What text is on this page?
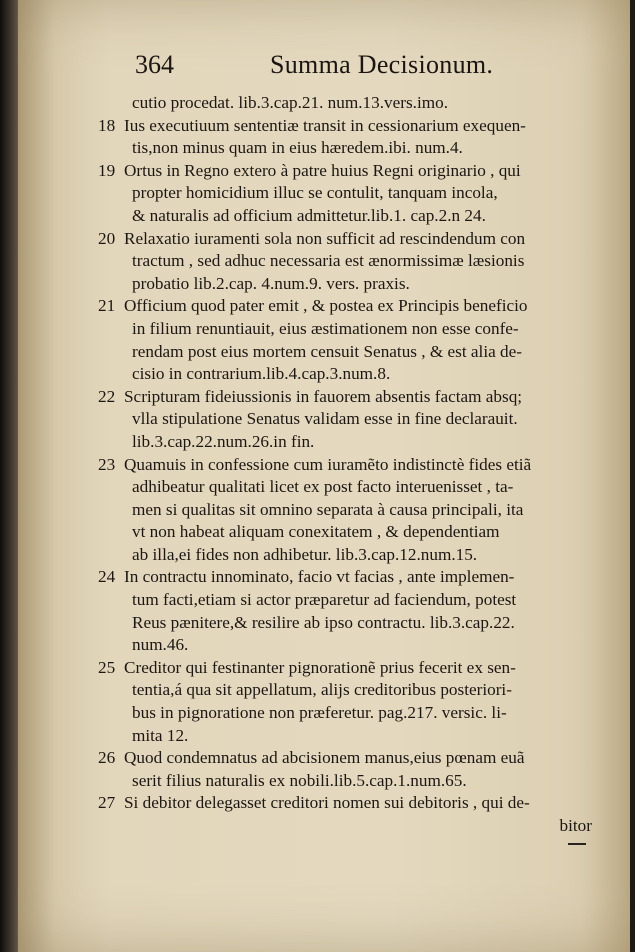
364	Summa Decisionum.
cutio procedat. lib.3.cap.21. num.13.vers.imo.
18 Ius executiuum sententiæ transit in cessionarium exequen-
tis,non minus quam in eius hæredem.ibi. num.4.
19 Ortus in Regno extero à patre huius Regni originario , qui
propter homicidium illuc se contulit, tanquam incola,
& naturalis ad officium admittetur.lib.1. cap.2.n 24.
20 Relaxatio iuramenti sola non sufficit ad rescindendum con
tractum , sed adhuc necessaria est ænormissimæ læsionis
probatio lib.2.cap. 4.num.9. vers. praxis.
21 Officium quod pater emit , & postea ex Principis beneficio
in filium renuntiauit, eius æstimationem non esse confe-
rendam post eius mortem censuit Senatus , & est alia de-
cisio in contrarium.lib.4.cap.3.num.8.
22 Scripturam fideiussionis in fauorem absentis factam absq;
vlla stipulatione Senatus validam esse in fine declarauit.
lib.3.cap.22.num.26.in fin.
23 Quamuis in confessione cum iuramẽto indistinctè fides etiã
adhibeatur qualitati licet ex post facto interuenisset , ta-
men si qualitas sit omnino separata à causa principali, ita
vt non habeat aliquam conexitatem , & dependentiam
ab illa,ei fides non adhibetur. lib.3.cap.12.num.15.
24 In contractu innominato, facio vt facias , ante implemen-
tum facti,etiam si actor præparetur ad faciendum, potest
Reus pænitere,& resilire ab ipso contractu. lib.3.cap.22.
num.46.
25 Creditor qui festinanter pignorationẽ prius fecerit ex sen-
tentia,á qua sit appellatum, alijs creditoribus posteriori-
bus in pignoratione non præferetur. pag.217. versic. li-
mita 12.
26 Quod condemnatus ad abcisionem manus,eius pœnam euã
serit filius naturalis ex nobili.lib.5.cap.1.num.65.
27 Si debitor delegasset creditori nomen sui debitoris , qui de-
bitor
